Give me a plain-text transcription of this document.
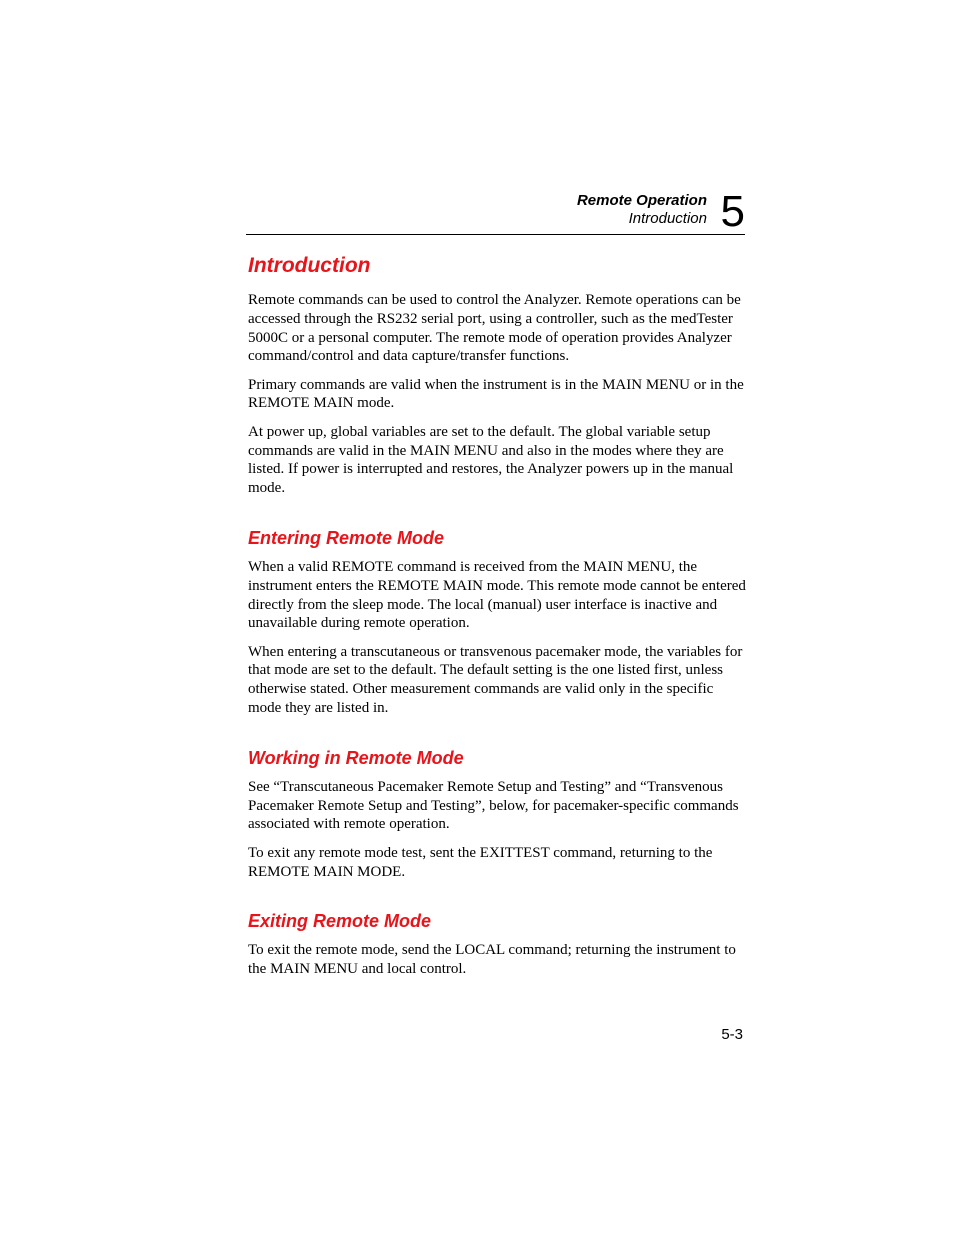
Remote Operation
Introduction 5
Introduction

Remote commands can be used to control the Analyzer. Remote operations can be accessed through the RS232 serial port, using a controller, such as the medTester 5000C or a personal computer. The remote mode of operation provides Analyzer command/control and data capture/transfer functions.

Primary commands are valid when the instrument is in the MAIN MENU or in the REMOTE MAIN mode.

At power up, global variables are set to the default. The global variable setup commands are valid in the MAIN MENU and also in the modes where they are listed. If power is interrupted and restores, the Analyzer powers up in the manual mode.

Entering Remote Mode

When a valid REMOTE command is received from the MAIN MENU, the instrument enters the REMOTE MAIN mode. This remote mode cannot be entered directly from the sleep mode. The local (manual) user interface is inactive and unavailable during remote operation.

When entering a transcutaneous or transvenous pacemaker mode, the variables for that mode are set to the default. The default setting is the one listed first, unless otherwise stated. Other measurement commands are valid only in the specific mode they are listed in.

Working in Remote Mode

See “Transcutaneous Pacemaker Remote Setup and Testing” and “Transvenous Pacemaker Remote Setup and Testing”, below, for pacemaker-specific commands associated with remote operation.

To exit any remote mode test, sent the EXITTEST command, returning to the REMOTE MAIN MODE.

Exiting Remote Mode

To exit the remote mode, send the LOCAL command; returning the instrument to the MAIN MENU and local control.

5-3
